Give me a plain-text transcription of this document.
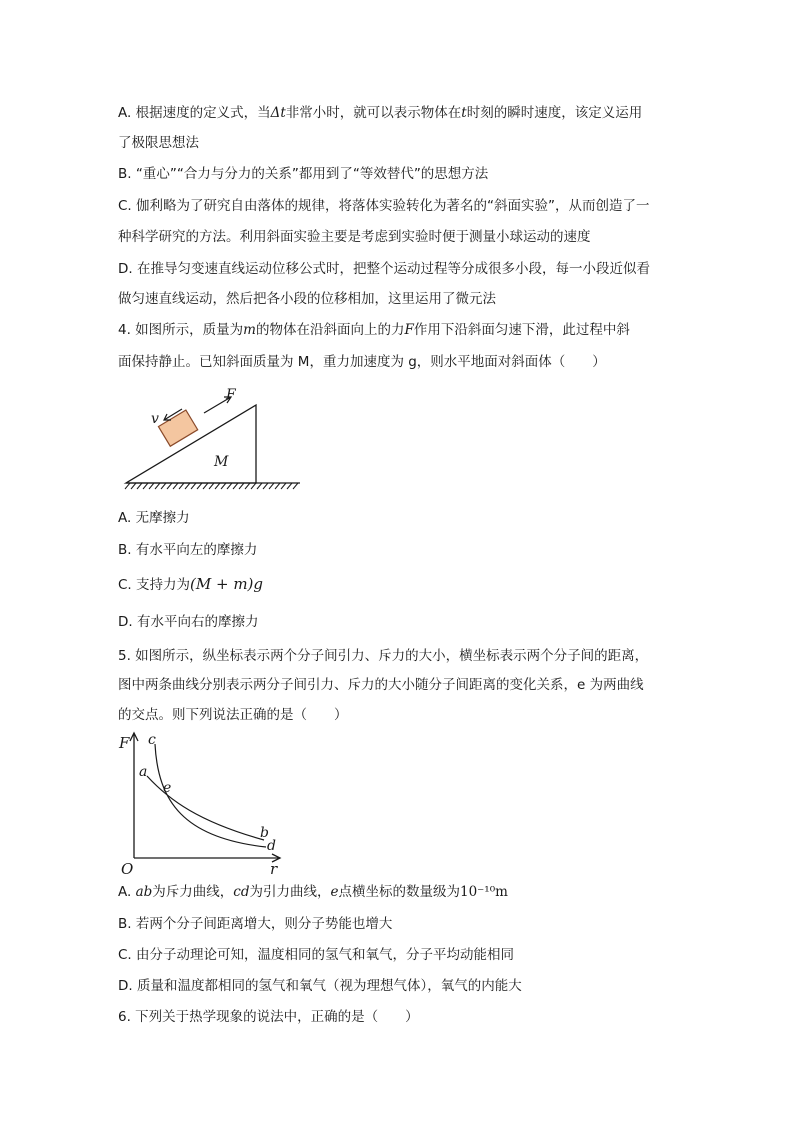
A. 根据速度的定义式，当Δt非常小时，就可以表示物体在t时刻的瞬时速度，该定义运用
了极限思想法
B. “重心”“合力与分力的关系”都用到了“等效替代”的思想方法
C. 伽利略为了研究自由落体的规律，将落体实验转化为著名的“斜面实验”，从而创造了一
种科学研究的方法。利用斜面实验主要是考虑到实验时便于测量小球运动的速度
D. 在推导匀变速直线运动位移公式时，把整个运动过程等分成很多小段，每一小段近似看
做匀速直线运动，然后把各小段的位移相加，这里运用了微元法
4. 如图所示，质量为m的物体在沿斜面向上的力F作用下沿斜面匀速下滑，此过程中斜
面保持静止。已知斜面质量为 M，重力加速度为 g，则水平地面对斜面体（　　）
F
v
M
A. 无摩擦力
B. 有水平向左的摩擦力
C. 支持力为(M + m)g
D. 有水平向右的摩擦力
5. 如图所示，纵坐标表示两个分子间引力、斥力的大小，横坐标表示两个分子间的距离，
图中两条曲线分别表示两分子间引力、斥力的大小随分子间距离的变化关系，e 为两曲线
的交点。则下列说法正确的是（　　）
F
r
O
a
c
e
b
d
A. ab为斥力曲线，cd为引力曲线，e点横坐标的数量级为10⁻¹⁰m
B. 若两个分子间距离增大，则分子势能也增大
C. 由分子动理论可知，温度相同的氢气和氧气，分子平均动能相同
D. 质量和温度都相同的氢气和氧气（视为理想气体），氧气的内能大
6. 下列关于热学现象的说法中，正确的是（　　）
